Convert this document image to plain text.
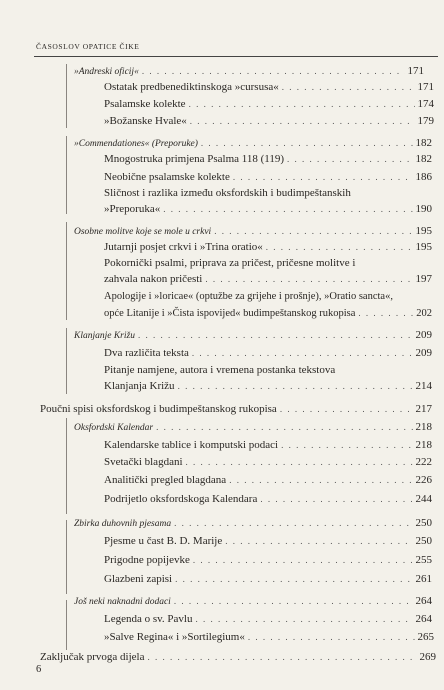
ČASOSLOV OPATICE ČIKE
»Andreski oficij« . . .	171
Ostatak predbenediktinskoga »cursusa« . . .	171
Psalamske kolekte . . .	174
»Božanske Hvale« . . .	179
»Commendationes« (Preporuke) . . .	182
Mnogostruka primjena Psalma 118 (119) . . .	182
Neobične psalamske kolekte . . .	186
Sličnost i razlika između oksfordskih i budimpeštanskih
»Preporuka« . . .	190
Osobne molitve koje se mole u crkvi . . .	195
Jutarnji posjet crkvi i »Trina oratio« . . .	195
Pokornički psalmi, priprava za pričest, pričesne molitve i
zahvala nakon pričesti . . .	197
Apologije i »loricae« (optužbe za grijehe i prošnje), »Oratio sancta«,
opće Litanije i »Čista ispovijed« budimpeštanskog rukopisa . . .	202
Klanjanje Križu . . .	209
Dva različita teksta . . .	209
Pitanje namjene, autora i vremena postanka tekstova
Klanjanja Križu . . .	214
Poučni spisi oksfordskog i budimpeštanskog rukopisa . . .	217
Oksfordski Kalendar . . .	218
Kalendarske tablice i komputski podaci . . .	218
Svetački blagdani . . .	222
Analitički pregled blagdana . . .	226
Podrijetlo oksfordskoga Kalendara . . .	244
Zbirka duhovnih pjesama . . .	250
Pjesme u čast B. D. Marije . . .	250
Prigodne popijevke . . .	255
Glazbeni zapisi . . .	261
Još neki naknadni dodaci . . .	264
Legenda o sv. Pavlu . . .	264
»Salve Regina« i »Sortilegium« . . .	265
Zaključak prvoga dijela . . .	269
6
